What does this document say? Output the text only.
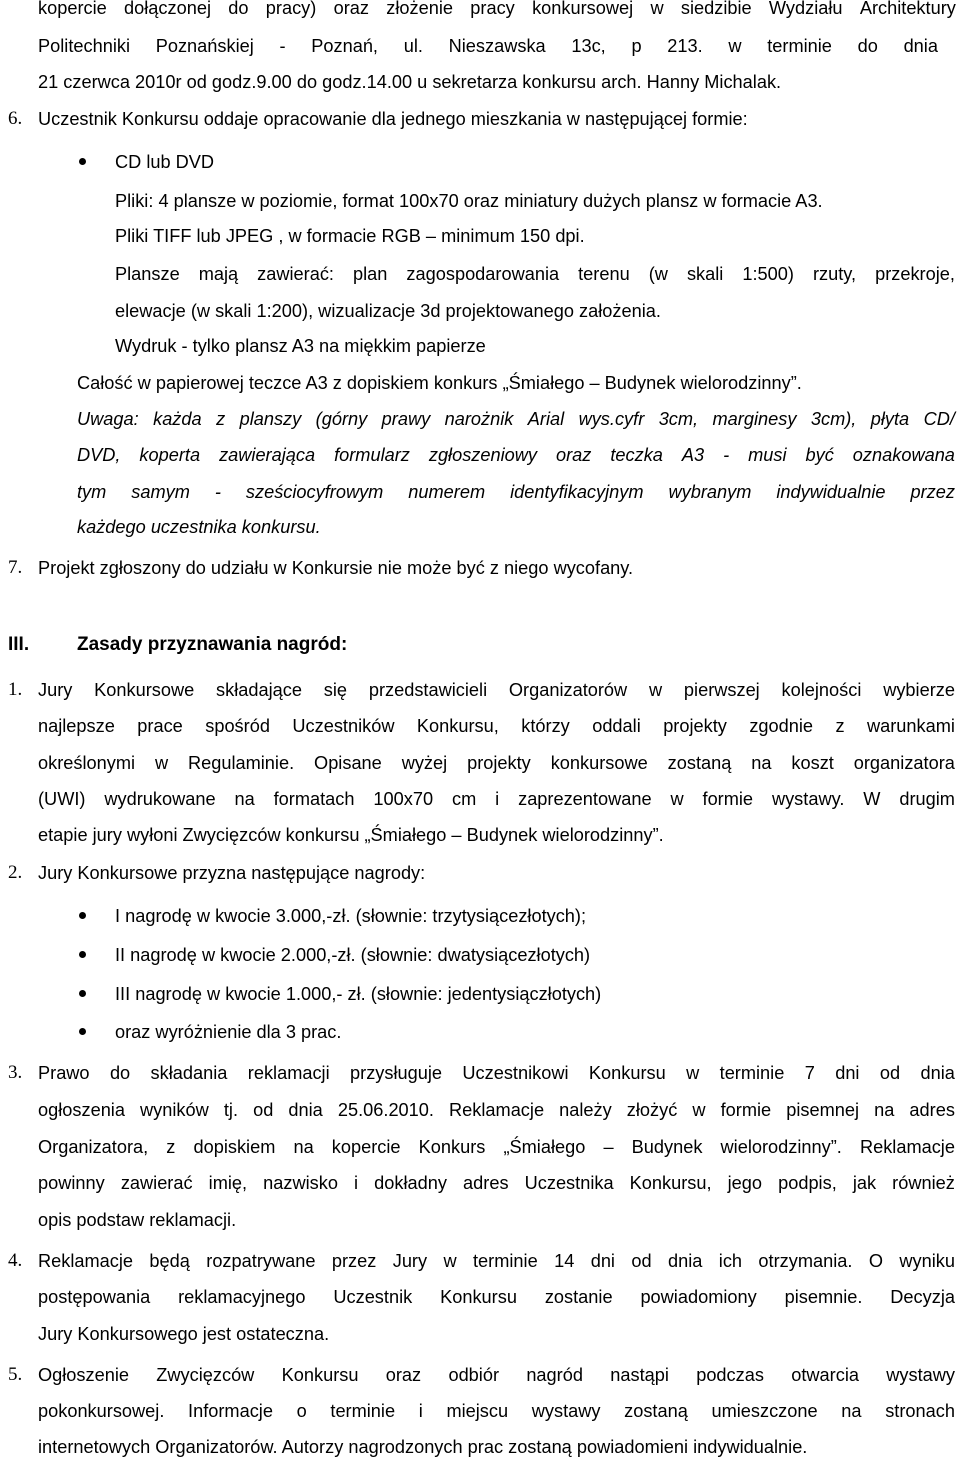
kopercie dołączonej do pracy) oraz złożenie pracy konkursowej w siedzibie Wydziału Architektury
Politechniki Poznańskiej - Poznań, ul. Nieszawska 13c, p 213. w terminie do dnia
21 czerwca 2010r od godz.9.00 do godz.14.00 u sekretarza konkursu arch. Hanny Michalak.
6. Uczestnik Konkursu oddaje opracowanie dla jednego mieszkania w następującej formie:
CD lub DVD
Pliki: 4 plansze w poziomie, format 100x70 oraz miniatury dużych plansz w formacie A3.
Pliki TIFF lub JPEG , w formacie RGB – minimum 150 dpi.
Plansze mają zawierać: plan zagospodarowania terenu (w skali 1:500) rzuty, przekroje,
elewacje (w skali 1:200), wizualizacje 3d projektowanego założenia.
Wydruk - tylko plansz A3 na miękkim papierze
Całość w papierowej teczce A3 z dopiskiem konkurs „Śmiałego – Budynek wielorodzinny”.
Uwaga: każda z planszy (górny prawy narożnik Arial wys.cyfr 3cm, marginesy 3cm), płyta CD/
DVD, koperta zawierająca formularz zgłoszeniowy oraz teczka A3 - musi być oznakowana
tym samym - sześciocyfrowym numerem identyfikacyjnym wybranym indywidualnie przez
każdego uczestnika konkursu.
7. Projekt zgłoszony do udziału w Konkursie nie może być z niego wycofany.
III.	Zasady przyznawania nagród:
1. Jury Konkursowe składające się przedstawicieli Organizatorów w pierwszej kolejności wybierze
najlepsze prace spośród Uczestników Konkursu, którzy oddali projekty zgodnie z warunkami
określonymi w Regulaminie. Opisane wyżej projekty konkursowe zostaną na koszt organizatora
(UWI) wydrukowane na formatach 100x70 cm i zaprezentowane w formie wystawy. W drugim
etapie jury wyłoni Zwycięzców konkursu „Śmiałego – Budynek wielorodzinny”.
2. Jury Konkursowe przyzna następujące nagrody:
I nagrodę w kwocie 3.000,-zł. (słownie: trzytysiącezłotych);
II nagrodę w kwocie 2.000,-zł. (słownie: dwatysiącezłotych)
III nagrodę w kwocie 1.000,- zł. (słownie: jedentysiączłotych)
oraz wyróżnienie dla 3 prac.
3. Prawo do składania reklamacji przysługuje Uczestnikowi Konkursu w terminie 7 dni od dnia
ogłoszenia wyników tj. od dnia 25.06.2010. Reklamacje należy złożyć w formie pisemnej na adres
Organizatora, z dopiskiem na kopercie Konkurs „Śmiałego – Budynek wielorodzinny”. Reklamacje
powinny zawierać imię, nazwisko i dokładny adres Uczestnika Konkursu, jego podpis, jak również
opis podstaw reklamacji.
4. Reklamacje będą rozpatrywane przez Jury w terminie 14 dni od dnia ich otrzymania. O wyniku
postępowania reklamacyjnego Uczestnik Konkursu zostanie powiadomiony pisemnie. Decyzja
Jury Konkursowego jest ostateczna.
5. Ogłoszenie Zwycięzców Konkursu oraz odbiór nagród nastąpi podczas otwarcia wystawy
pokonkursowej. Informacje o terminie i miejscu wystawy zostaną umieszczone na stronach
internetowych Organizatorów. Autorzy nagrodzonych prac zostaną powiadomieni indywidualnie.
